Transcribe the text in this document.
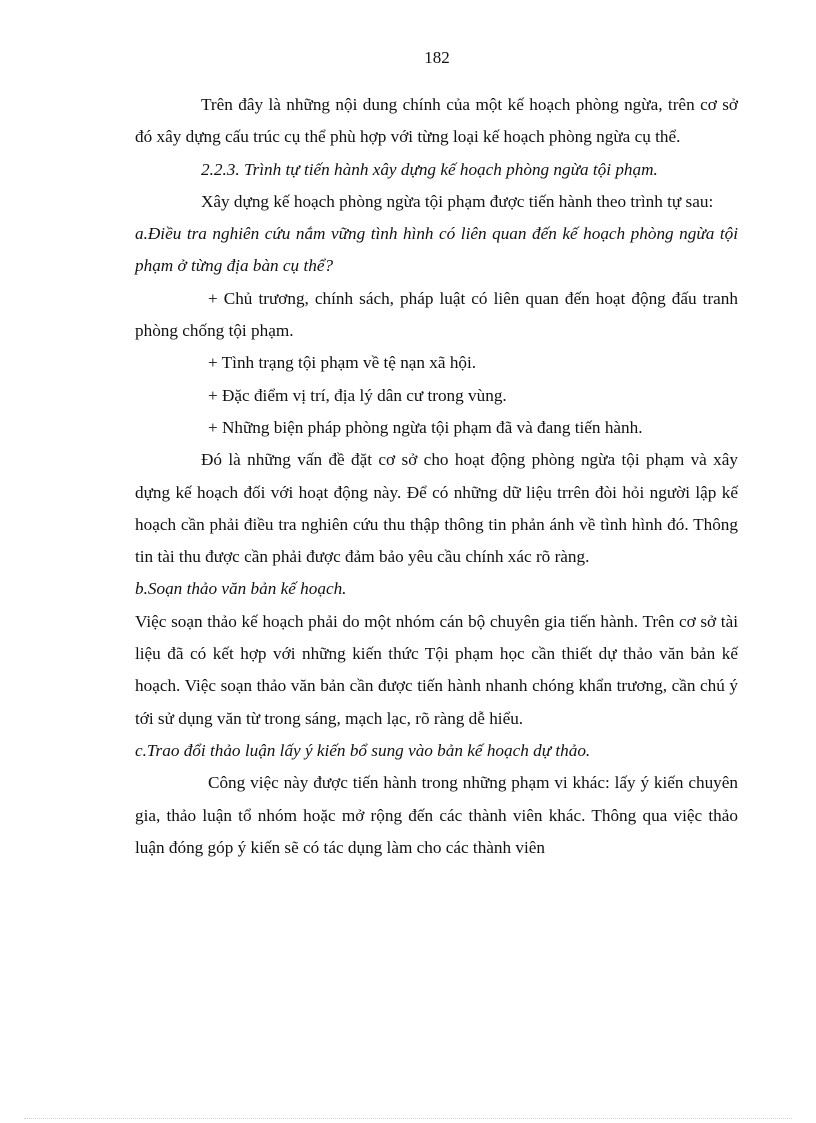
182

Trên đây là những nội dung chính của một kế hoạch phòng ngừa, trên cơ sở đó xây dựng cấu trúc cụ thể phù hợp với từng loại kế hoạch phòng ngừa cụ thể.

2.2.3. Trình tự tiến hành xây dựng kế hoạch phòng ngừa tội phạm.

Xây dựng kế hoạch phòng ngừa tội phạm được tiến hành theo trình tự sau:

a.Điều tra nghiên cứu nắm vững tình hình có liên quan đến kế hoạch phòng ngừa tội phạm ở từng địa bàn cụ thể?

+ Chủ trương, chính sách, pháp luật có liên quan đến hoạt động đấu tranh phòng chống tội phạm.

+ Tình trạng tội phạm về tệ nạn xã hội.

+ Đặc điểm vị trí, địa lý dân cư trong vùng.

+ Những biện pháp phòng ngừa tội phạm đã và đang tiến hành.

Đó là những vấn đề đặt cơ sở cho hoạt động phòng ngừa tội phạm và xây dựng kế hoạch đối với hoạt động này. Để có những dữ liệu trrên đòi hỏi người lập kế hoạch cần phải điều tra nghiên cứu thu thập thông tin phản ánh về tình hình đó. Thông tin tài thu được cần phải được đảm bảo yêu cầu chính xác rõ ràng.

b.Soạn thảo văn bản kế hoạch.

Việc soạn thảo kế hoạch phải do một nhóm cán bộ chuyên gia tiến hành. Trên cơ sở tài liệu đã có kết hợp với những kiến thức Tội phạm học cần thiết dự thảo văn bản kế hoạch. Việc soạn thảo văn bản cần được tiến hành nhanh chóng khẩn trương, cần chú ý tới sử dụng văn từ trong sáng, mạch lạc, rõ ràng dễ hiểu.

c.Trao đổi thảo luận lấy ý kiến bổ sung vào bản kế hoạch dự thảo.

Công việc này được tiến hành trong những phạm vi khác: lấy ý kiến chuyên gia, thảo luận tổ nhóm hoặc mở rộng đến các thành viên khác. Thông qua việc thảo luận đóng góp ý kiến sẽ có tác dụng làm cho các thành viên
